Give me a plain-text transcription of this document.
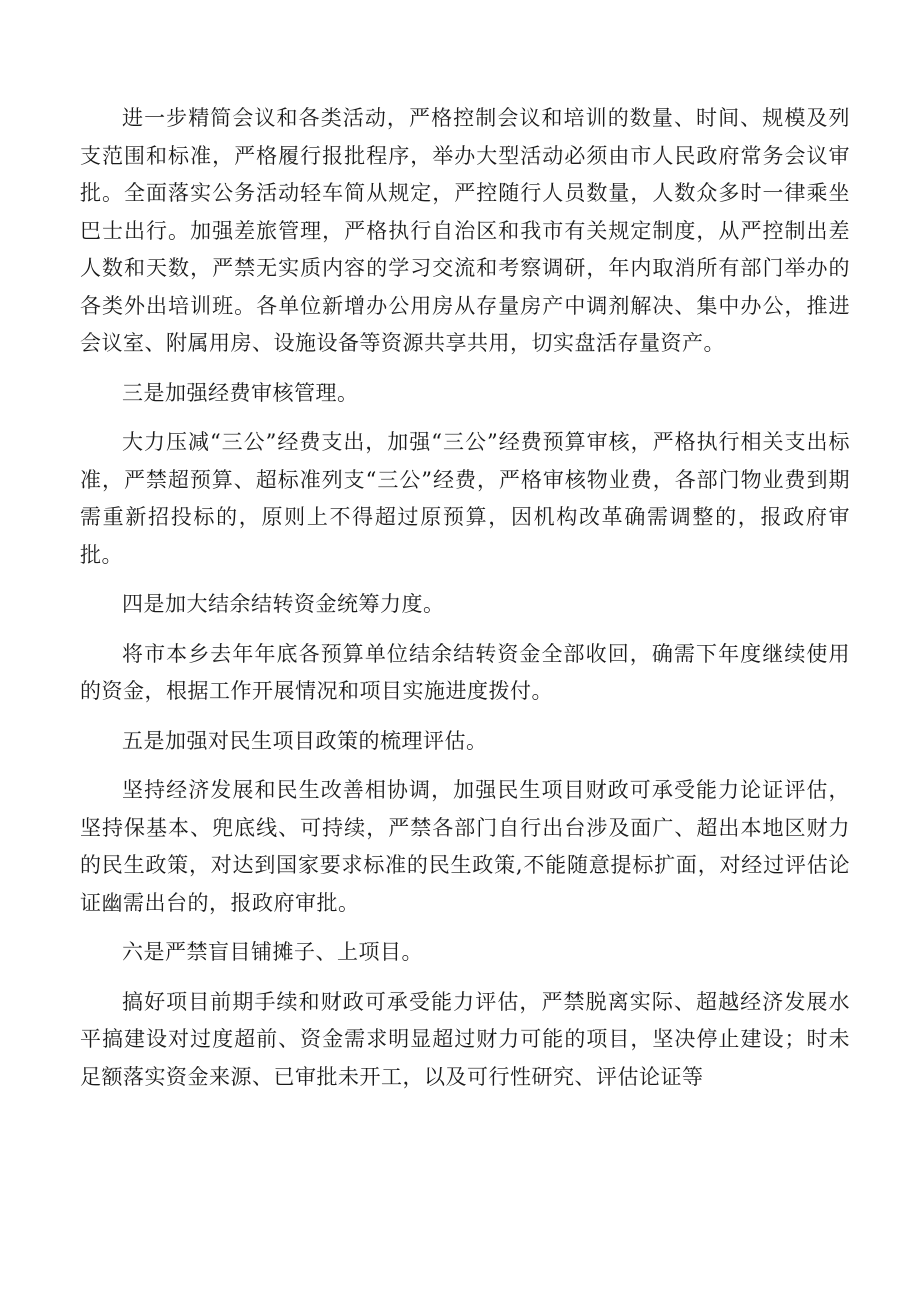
进一步精简会议和各类活动，严格控制会议和培训的数量、时间、规模及列支范围和标准，严格履行报批程序，举办大型活动必须由市人民政府常务会议审批。全面落实公务活动轻车简从规定，严控随行人员数量，人数众多时一律乘坐巴士出行。加强差旅管理，严格执行自治区和我市有关规定制度，从严控制出差人数和天数，严禁无实质内容的学习交流和考察调研，年内取消所有部门举办的各类外出培训班。各单位新增办公用房从存量房产中调剂解决、集中办公，推进会议室、附属用房、设施设备等资源共享共用，切实盘活存量资产。

三是加强经费审核管理。

大力压减“三公”经费支出，加强“三公”经费预算审核，严格执行相关支出标准，严禁超预算、超标准列支“三公”经费，严格审核物业费，各部门物业费到期需重新招投标的，原则上不得超过原预算，因机构改革确需调整的，报政府审批。

四是加大结余结转资金统筹力度。

将市本乡去年年底各预算单位结余结转资金全部收回，确需下年度继续使用的资金，根据工作开展情况和项目实施进度拨付。

五是加强对民生项目政策的梳理评估。

坚持经济发展和民生改善相协调，加强民生项目财政可承受能力论证评估，坚持保基本、兜底线、可持续，严禁各部门自行出台涉及面广、超出本地区财力的民生政策，对达到国家要求标准的民生政策,不能随意提标扩面，对经过评估论证幽需出台的，报政府审批。

六是严禁盲目铺摊子、上项目。

搞好项目前期手续和财政可承受能力评估，严禁脱离实际、超越经济发展水平搞建设对过度超前、资金需求明显超过财力可能的项目，坚决停止建设；时未足额落实资金来源、已审批未开工，以及可行性研究、评估论证等
